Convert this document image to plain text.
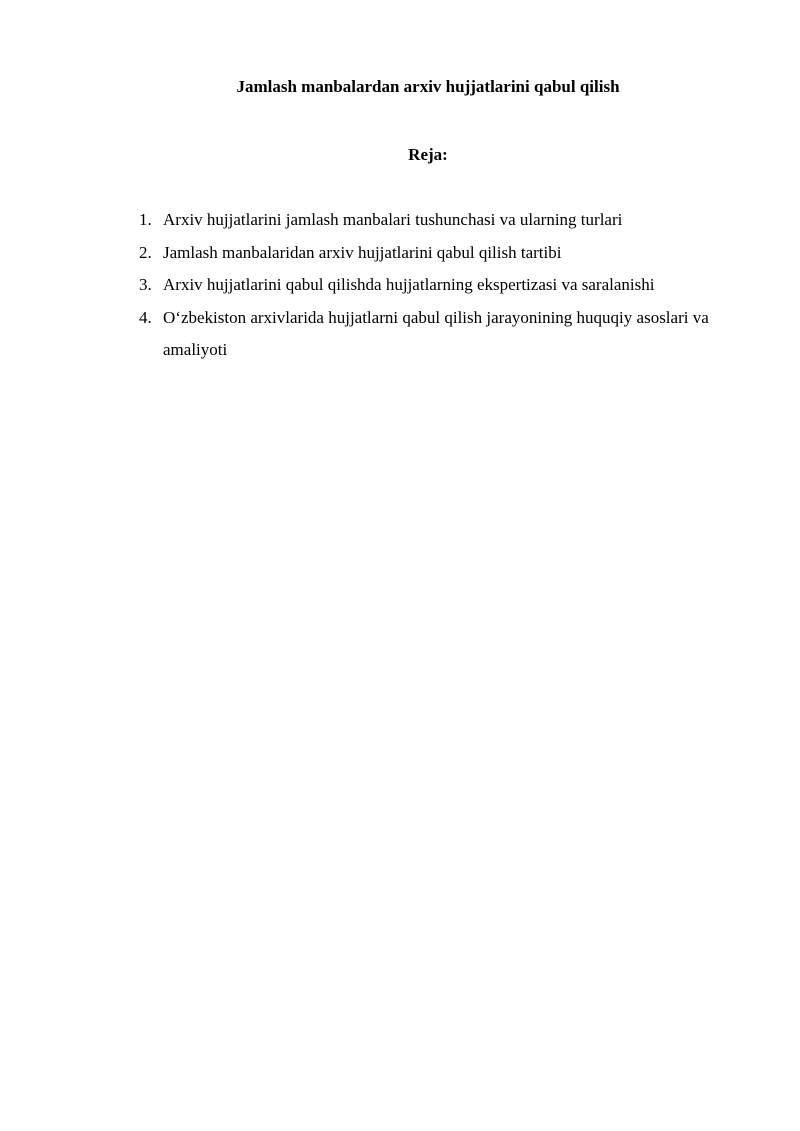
Jamlash manbalardan arxiv hujjatlarini qabul qilish
Reja:
1. Arxiv hujjatlarini jamlash manbalari tushunchasi va ularning turlari
2. Jamlash manbalaridan arxiv hujjatlarini qabul qilish tartibi
3. Arxiv hujjatlarini qabul qilishda hujjatlarning ekspertizasi va saralanishi
4. O‘zbekiston arxivlarida hujjatlarni qabul qilish jarayonining huquqiy asoslari va amaliyoti
